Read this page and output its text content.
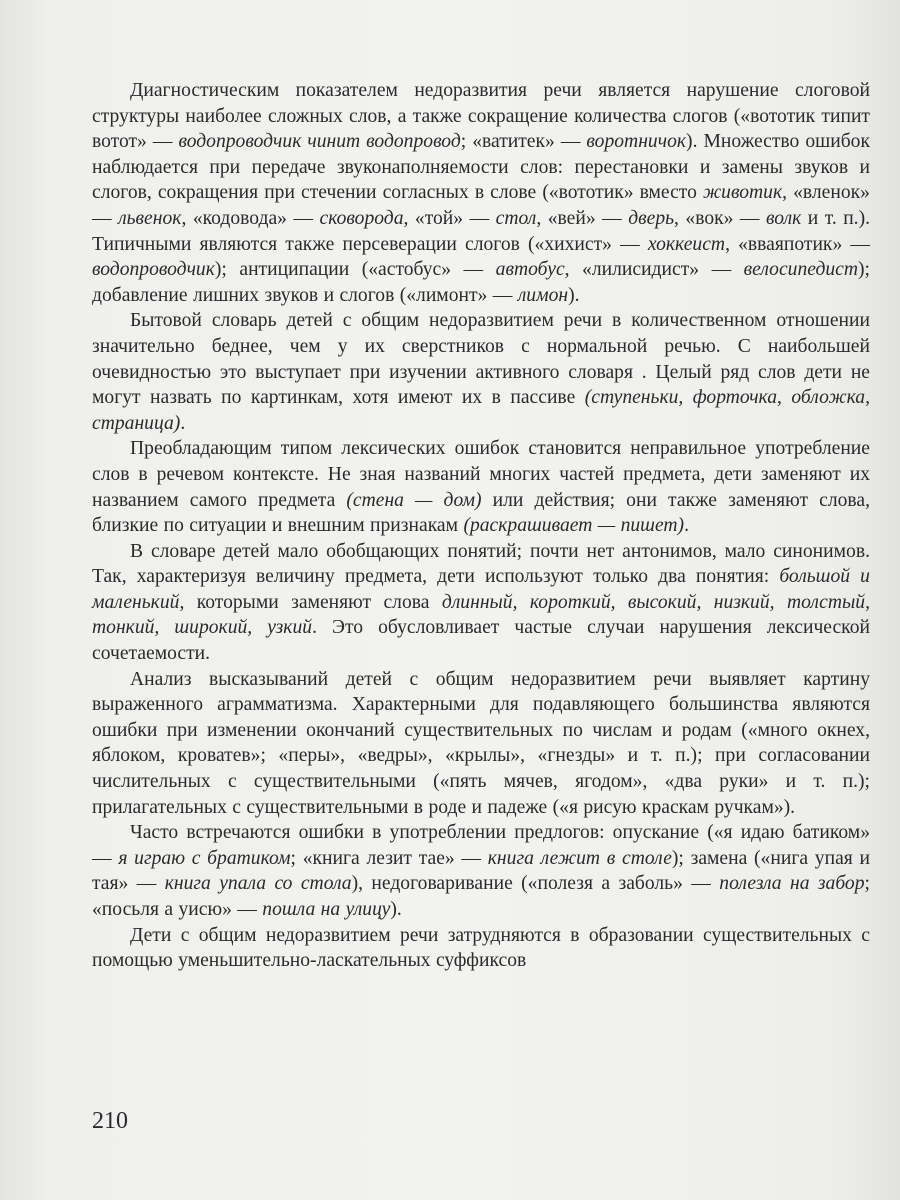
Диагностическим показателем недоразвития речи является нарушение слоговой структуры наиболее сложных слов, а также сокращение количества слогов («вототик типит вотот» — водопроводчик чинит водопровод; «ватитек» — воротничок). Множество ошибок наблюдается при передаче звуконаполняемости слов: перестановки и замены звуков и слогов, сокращения при стечении согласных в слове («вототик» вместо животик, «вленок» — львенок, «кодовода» — сковорода, «той» — стол, «вей» — дверь, «вок» — волк и т. п.). Типичными являются также персеверации слогов («хихист» — хоккеист, «вваяпотик» — водопроводчик); антиципации («астобус» — автобус, «лилисидист» — велосипедист); добавление лишних звуков и слогов («лимонт» — лимон).

Бытовой словарь детей с общим недоразвитием речи в количественном отношении значительно беднее, чем у их сверстников с нормальной речью. С наибольшей очевидностью это выступает при изучении активного словаря . Целый ряд слов дети не могут назвать по картинкам, хотя имеют их в пассиве (ступеньки, форточка, обложка, страница).

Преобладающим типом лексических ошибок становится неправильное употребление слов в речевом контексте. Не зная названий многих частей предмета, дети заменяют их названием самого предмета (стена — дом) или действия; они также заменяют слова, близкие по ситуации и внешним признакам (раскрашивает — пишет).

В словаре детей мало обобщающих понятий; почти нет антонимов, мало синонимов. Так, характеризуя величину предмета, дети используют только два понятия: большой и маленький, которыми заменяют слова длинный, короткий, высокий, низкий, толстый, тонкий, широкий, узкий. Это обусловливает частые случаи нарушения лексической сочетаемости.

Анализ высказываний детей с общим недоразвитием речи выявляет картину выраженного аграмматизма. Характерными для подавляющего большинства являются ошибки при изменении окончаний существительных по числам и родам («много окнех, яблоком, кроватев»; «перы», «ведры», «крылы», «гнезды» и т. п.); при согласовании числительных с существительными («пять мячев, ягодом», «два руки» и т. п.); прилагательных с существительными в роде и падеже («я рисую краскам ручкам»).

Часто встречаются ошибки в употреблении предлогов: опускание («я идаю батиком» — я играю с братиком; «книга лезит тае» — книга лежит в столе); замена («нига упая и тая» — книга упала со стола), недоговаривание («полезя а заболь» — полезла на забор; «посьля а уисю» — пошла на улицу).

Дети с общим недоразвитием речи затрудняются в образовании существительных с помощью уменьшительно-ласкательных суффиксов

210
